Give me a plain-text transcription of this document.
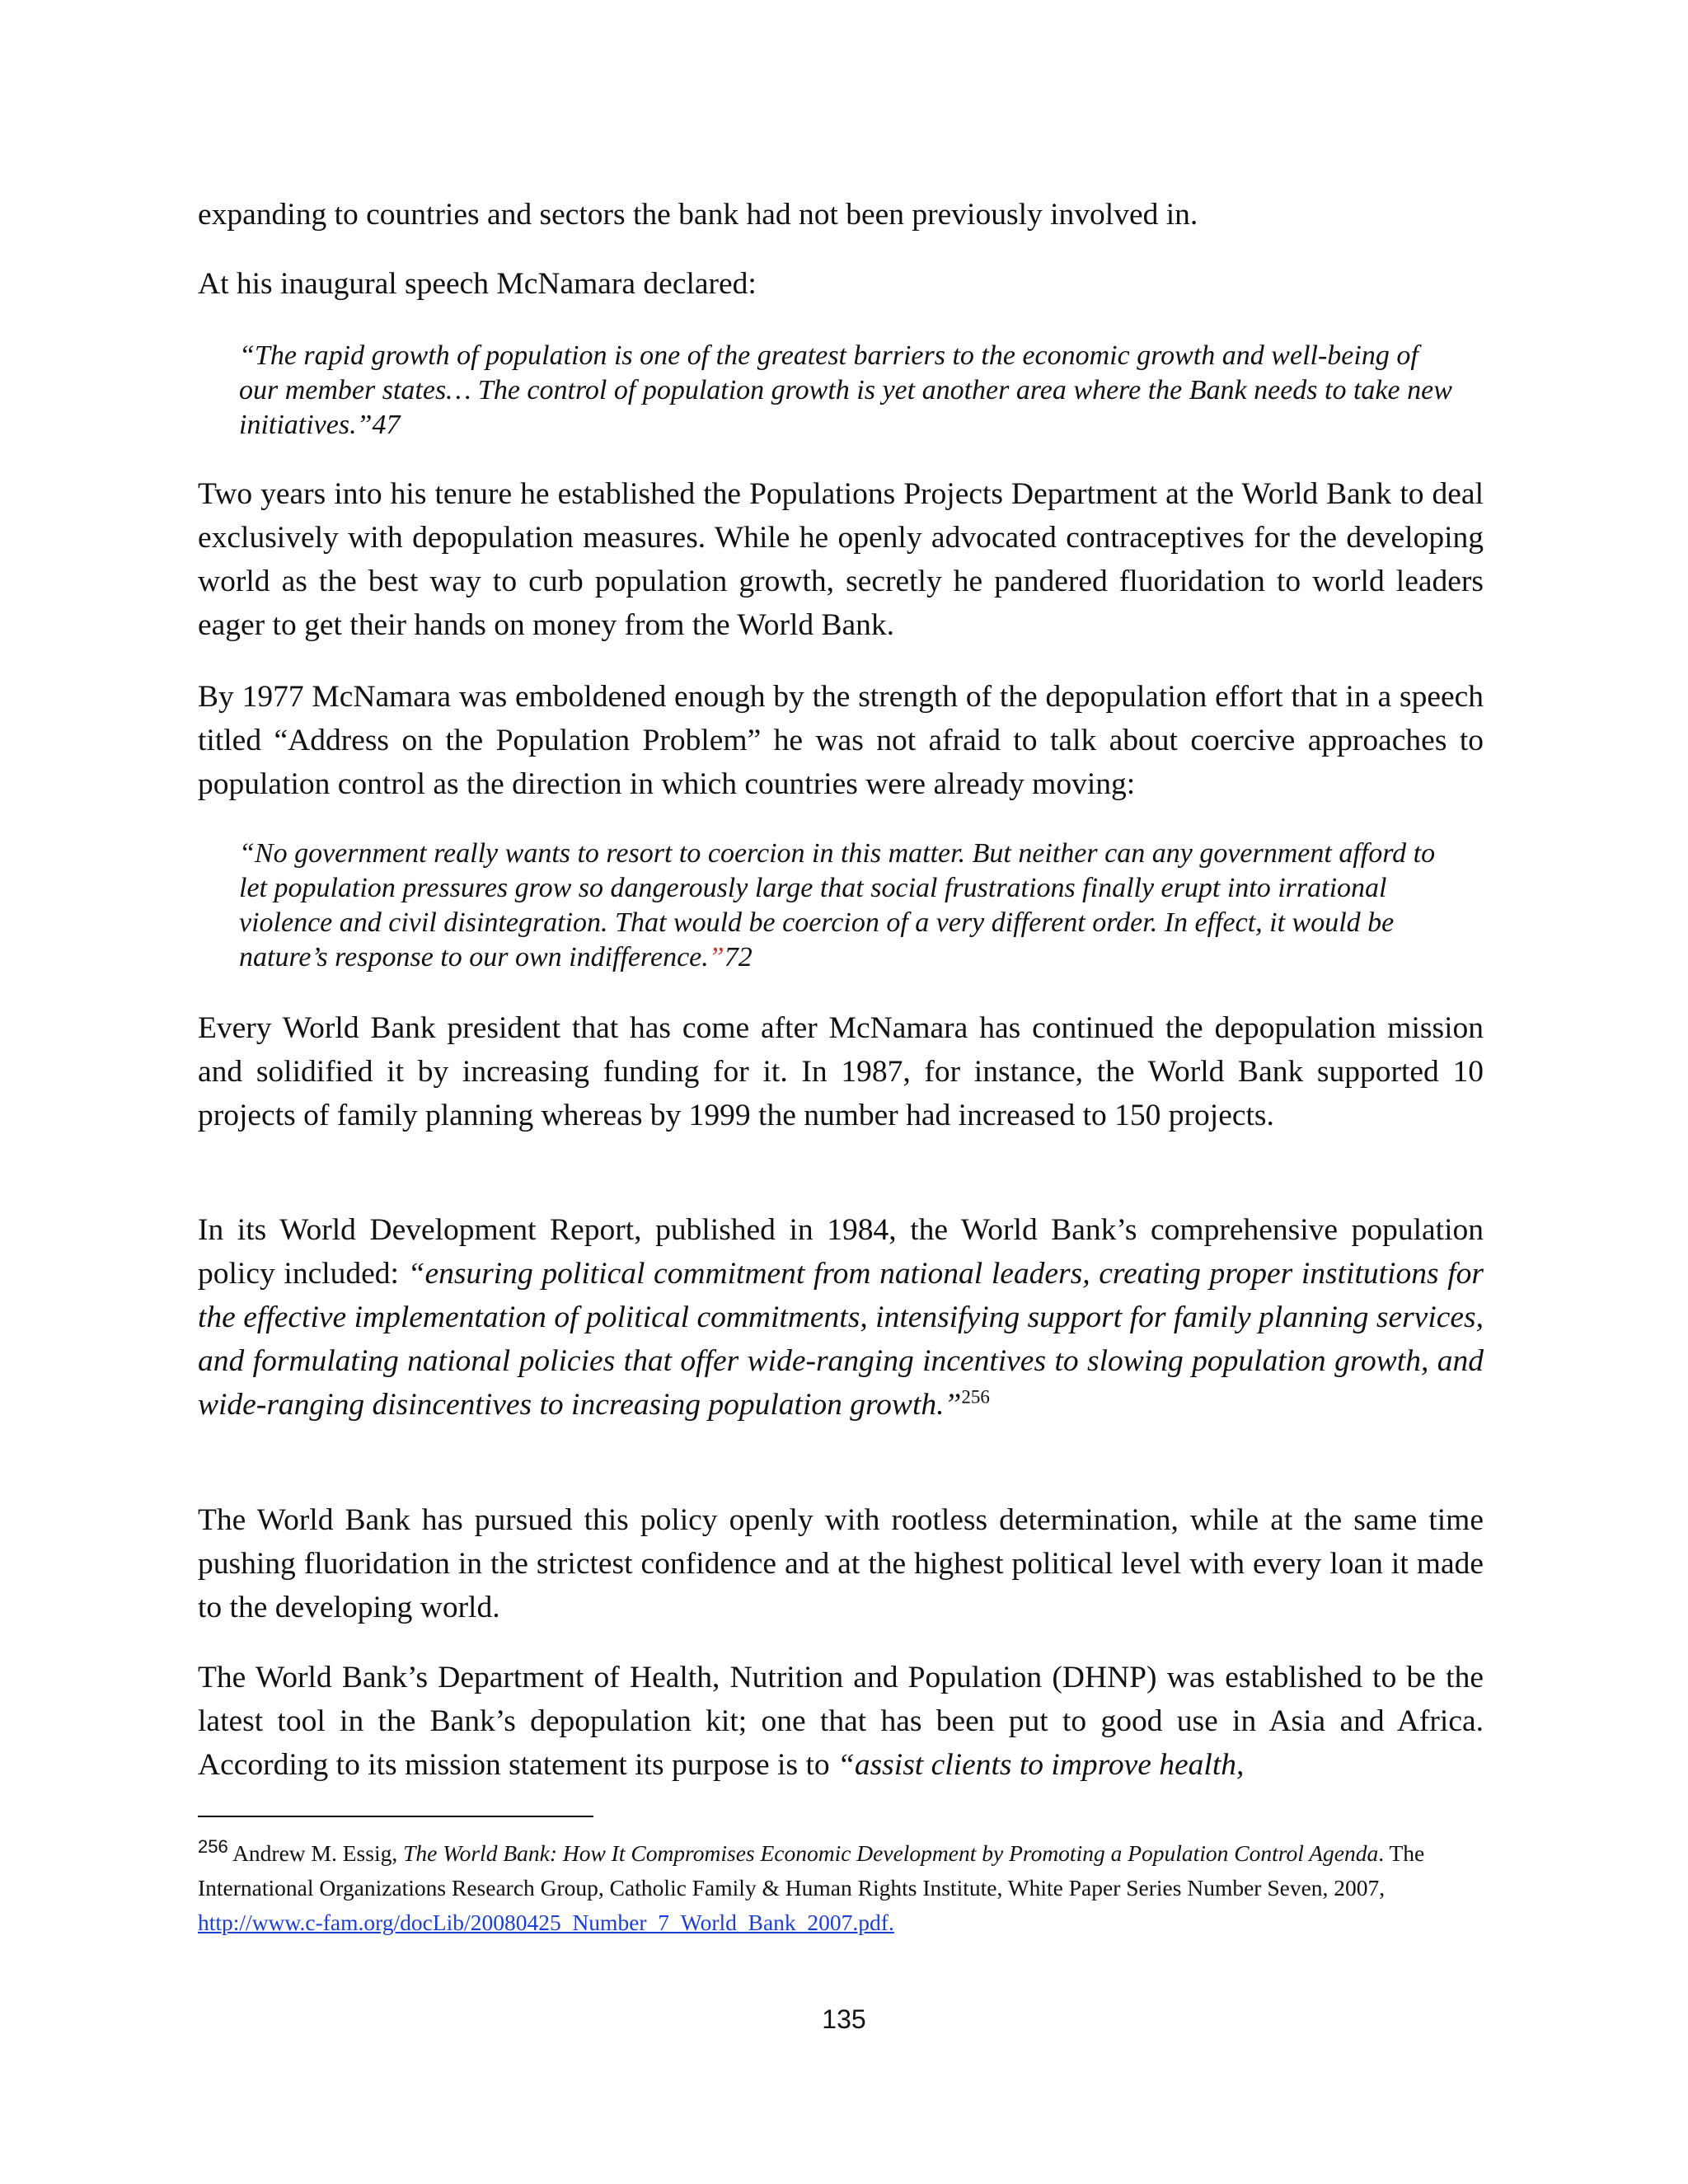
expanding to countries and sectors the bank had not been previously involved in.

At his inaugural speech McNamara declared:

“The rapid growth of population is one of the greatest barriers to the economic growth and well-being of our member states… The control of population growth is yet another area where the Bank needs to take new initiatives.”47

Two years into his tenure he established the Populations Projects Department at the World Bank to deal exclusively with depopulation measures. While he openly advocated contraceptives for the developing world as the best way to curb population growth, secretly he pandered fluoridation to world leaders eager to get their hands on money from the World Bank.

By 1977 McNamara was emboldened enough by the strength of the depopulation effort that in a speech titled “Address on the Population Problem” he was not afraid to talk about coercive approaches to population control as the direction in which countries were already moving:

“No government really wants to resort to coercion in this matter. But neither can any government afford to let population pressures grow so dangerously large that social frustrations finally erupt into irrational violence and civil disintegration. That would be coercion of a very different order. In effect, it would be nature’s response to our own indifference.”72

Every World Bank president that has come after McNamara has continued the depopulation mission and solidified it by increasing funding for it. In 1987, for instance, the World Bank supported 10 projects of family planning whereas by 1999 the number had increased to 150 projects.

In its World Development Report, published in 1984, the World Bank’s comprehensive population policy included: “ensuring political commitment from national leaders, creating proper institutions for the effective implementation of political commitments, intensifying support for family planning services, and formulating national policies that offer wide-ranging incentives to slowing population growth, and wide-ranging disincentives to increasing population growth.”$^{256}$

The World Bank has pursued this policy openly with rootless determination, while at the same time pushing fluoridation in the strictest confidence and at the highest political level with every loan it made to the developing world.

The World Bank’s Department of Health, Nutrition and Population (DHNP) was established to be the latest tool in the Bank’s depopulation kit; one that has been put to good use in Asia and Africa. According to its mission statement its purpose is to “assist clients to improve health,

$^{256}$ Andrew M. Essig, The World Bank: How It Compromises Economic Development by Promoting a Population Control Agenda. The International Organizations Research Group, Catholic Family & Human Rights Institute, White Paper Series Number Seven, 2007, http://www.c-fam.org/docLib/20080425_Number_7_World_Bank_2007.pdf.

135
